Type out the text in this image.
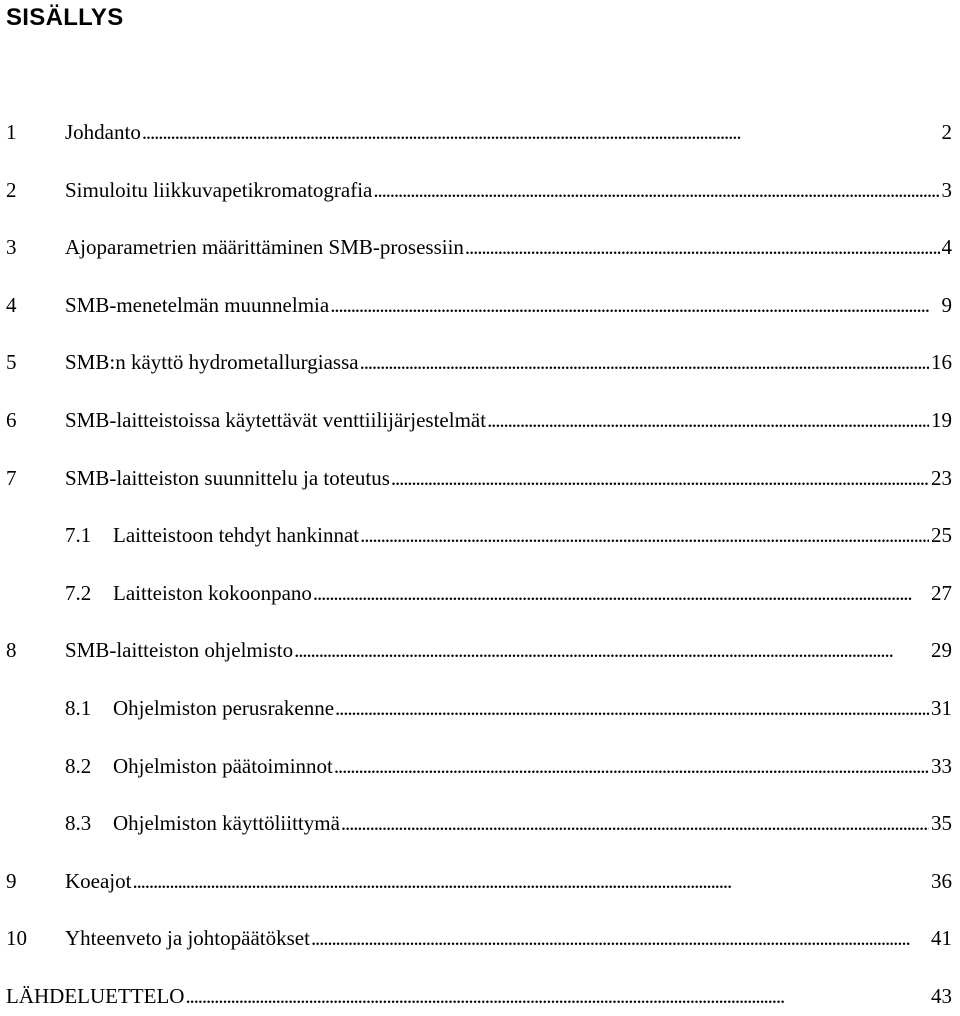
SISÄLLYS
1 Johdanto . . .	2
2 Simuloitu liikkuvapetikromatografia . . .	3
3 Ajoparametrien määrittäminen SMB-prosessiin . . .	4
4 SMB-menetelmän muunnelmia . . .	9
5 SMB:n käyttö hydrometallurgiassa . . .	16
6 SMB-laitteistoissa käytettävät venttiilijärjestelmät . . .	19
7 SMB-laitteiston suunnittelu ja toteutus . . .	23
7.1 Laitteistoon tehdyt hankinnat . . .	25
7.2 Laitteiston kokoonpano . . .	27
8 SMB-laitteiston ohjelmisto . . .	29
8.1 Ohjelmiston perusrakenne . . .	31
8.2 Ohjelmiston päätoiminnot . . .	33
8.3 Ohjelmiston käyttöliittymä . . .	35
9 Koeajot . . .	36
10 Yhteenveto ja johtopäätökset . . .	41
LÄHDELUETTELO . . .	43
